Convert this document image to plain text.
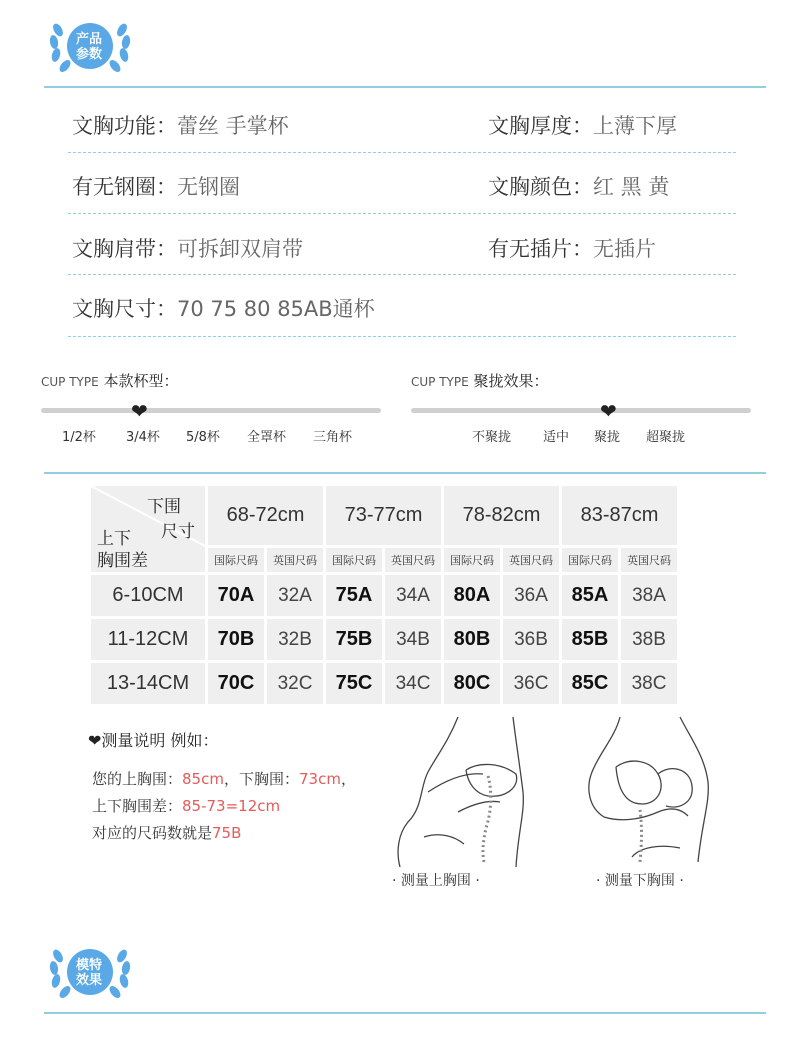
产品
参数
文胸功能：蕾丝 手掌杯	文胸厚度：上薄下厚
有无钢圈：无钢圈	文胸颜色：红 黑 黄
文胸肩带：可拆卸双肩带	有无插片：无插片
文胸尺寸：70 75 80 85AB通杯
CUP TYPE 本款杯型：
❤
1/2杯 3/4杯 5/8杯 全罩杯 三角杯
CUP TYPE 聚拢效果：
❤
不聚拢 适中 聚拢 超聚拢
下围
尺寸
上下
胸围差	68-72cm		73-77cm		78-82cm		83-87cm	
	国际尺码	英国尺码	国际尺码	英国尺码	国际尺码	英国尺码	国际尺码	英国尺码
6-10CM	70A	32A	75A	34A	80A	36A	85A	38A
11-12CM	70B	32B	75B	34B	80B	36B	85B	38B
13-14CM	70C	32C	75C	34C	80C	36C	85C	38C
❤测量说明 例如：
您的上胸围：85cm，下胸围：73cm，
上下胸围差：85-73=12cm
对应的尺码数就是75B
· 测量上胸围 ·	· 测量下胸围 ·
模特
效果
